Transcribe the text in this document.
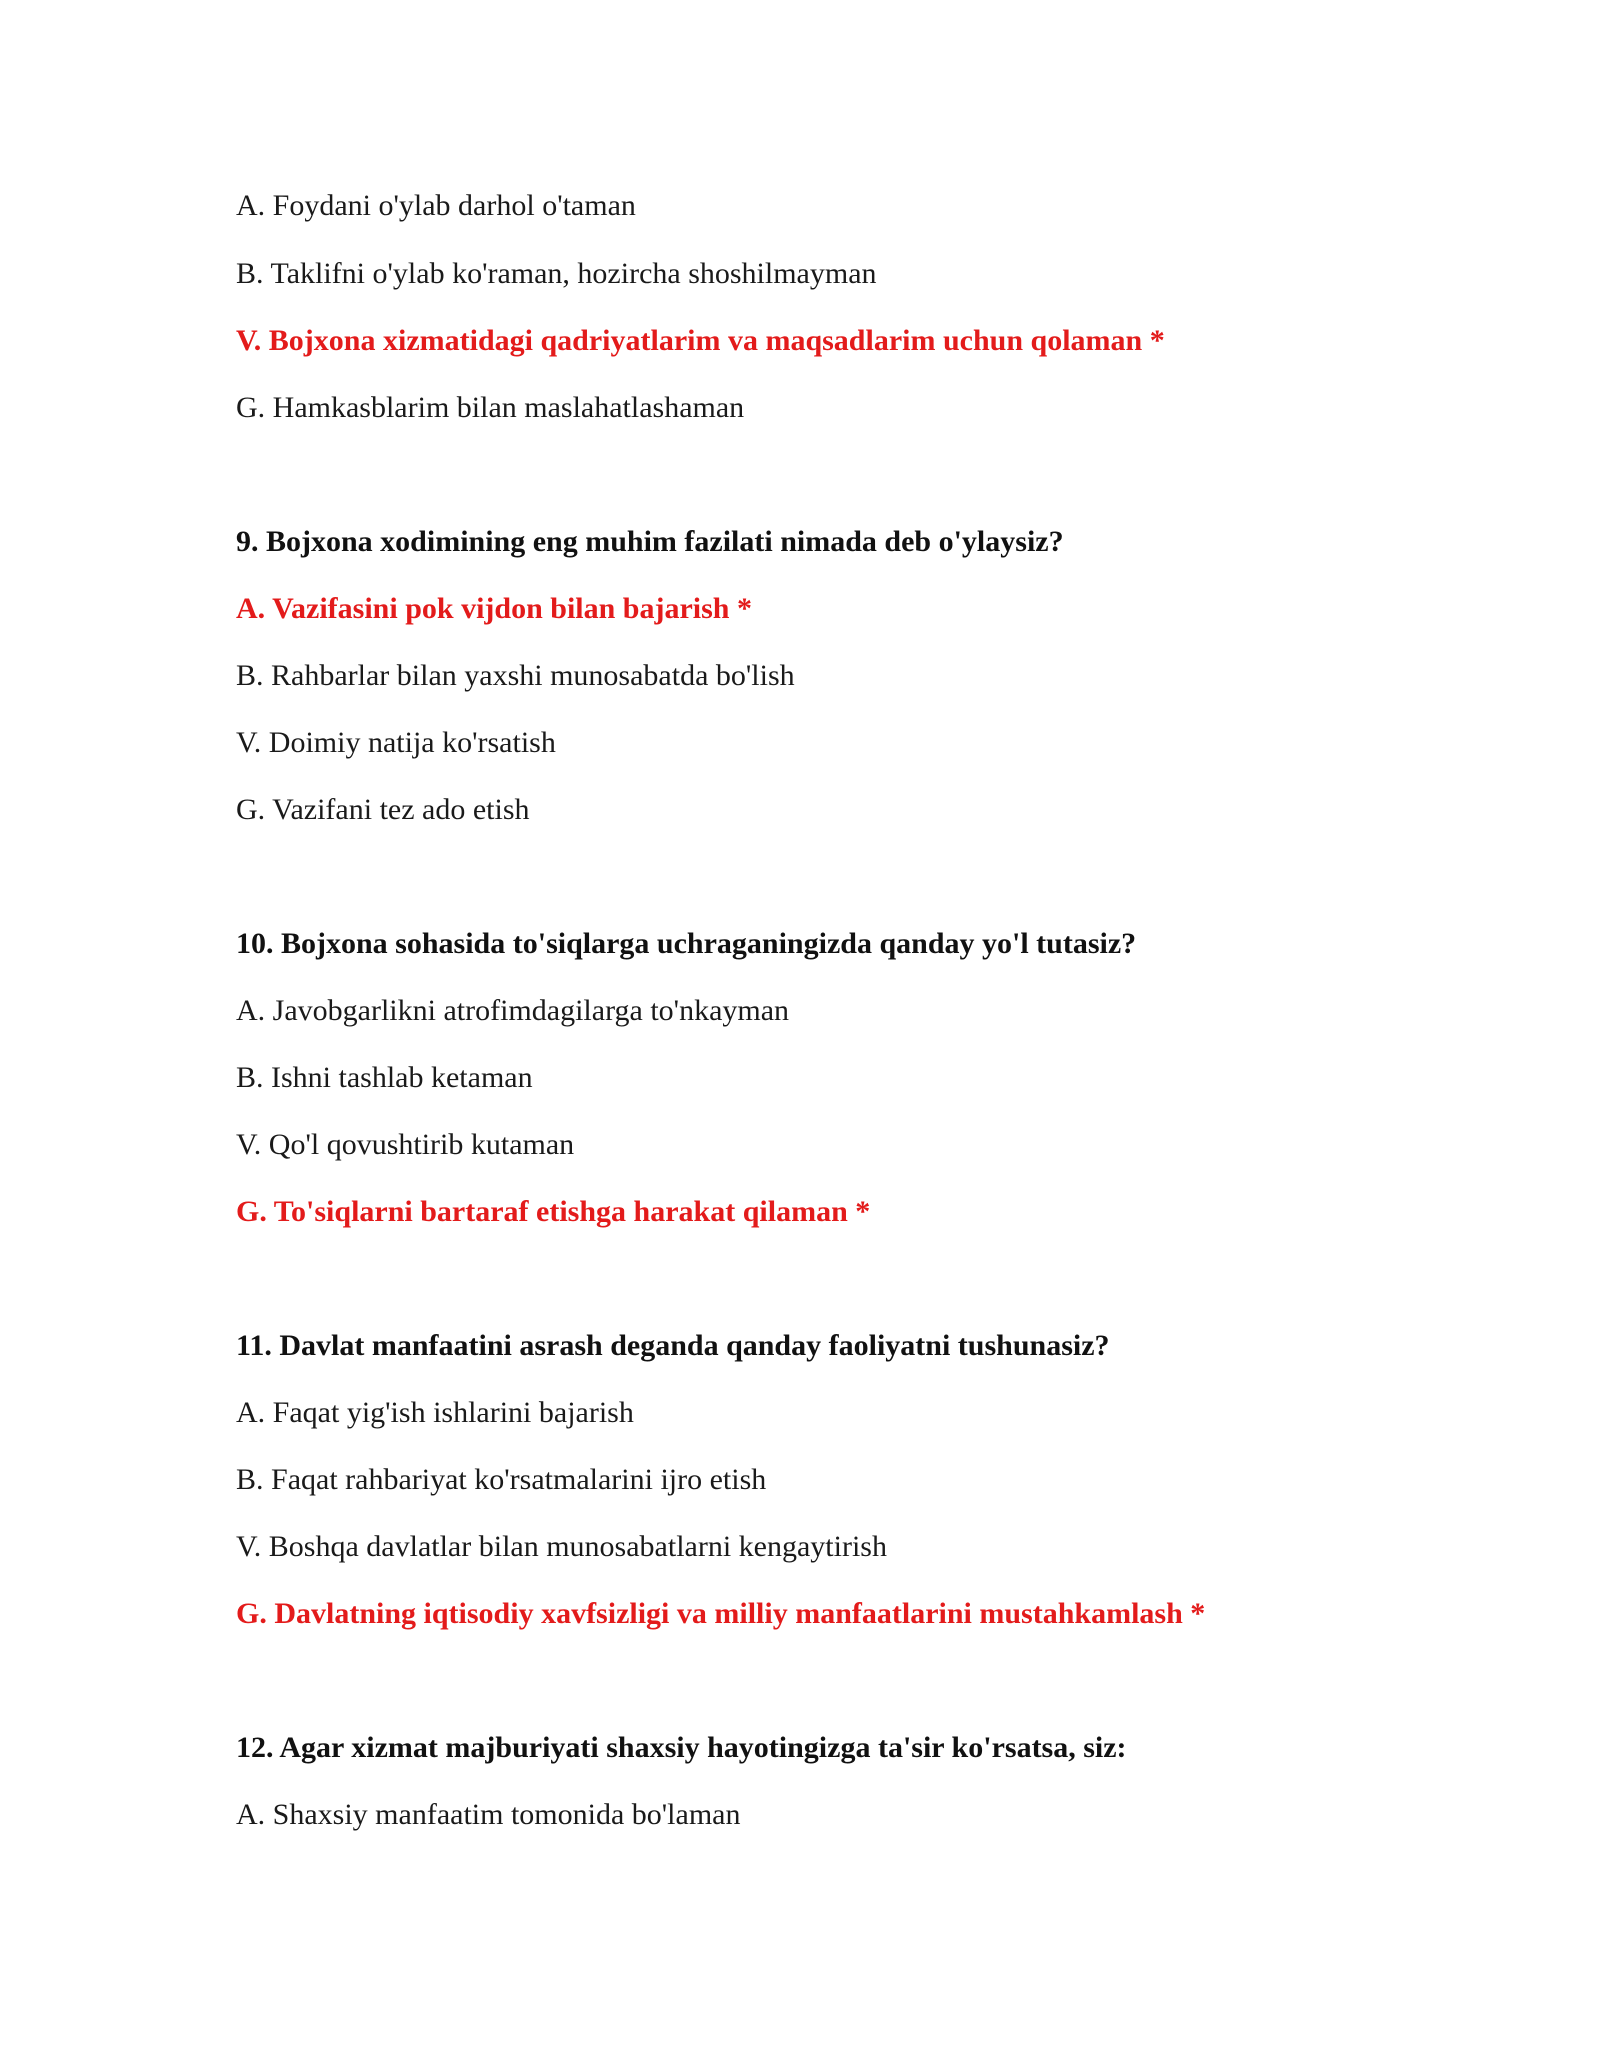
A. Foydani o'ylab darhol o'taman
B. Taklifni o'ylab ko'raman, hozircha shoshilmayman
V. Bojxona xizmatidagi qadriyatlarim va maqsadlarim uchun qolaman *
G. Hamkasblarim bilan maslahatlashaman
9. Bojxona xodimining eng muhim fazilati nimada deb o'ylaysiz?
A. Vazifasini pok vijdon bilan bajarish *
B. Rahbarlar bilan yaxshi munosabatda bo'lish
V. Doimiy natija ko'rsatish
G. Vazifani tez ado etish
10. Bojxona sohasida to'siqlarga uchraganingizda qanday yo'l tutasiz?
A. Javobgarlikni atrofimdagilarga to'nkayman
B. Ishni tashlab ketaman
V. Qo'l qovushtirib kutaman
G. To'siqlarni bartaraf etishga harakat qilaman *
11. Davlat manfaatini asrash deganda qanday faoliyatni tushunasiz?
A. Faqat yig'ish ishlarini bajarish
B. Faqat rahbariyat ko'rsatmalarini ijro etish
V. Boshqa davlatlar bilan munosabatlarni kengaytirish
G. Davlatning iqtisodiy xavfsizligi va milliy manfaatlarini mustahkamlash *
12. Agar xizmat majburiyati shaxsiy hayotingizga ta'sir ko'rsatsa, siz:
A. Shaxsiy manfaatim tomonida bo'laman
